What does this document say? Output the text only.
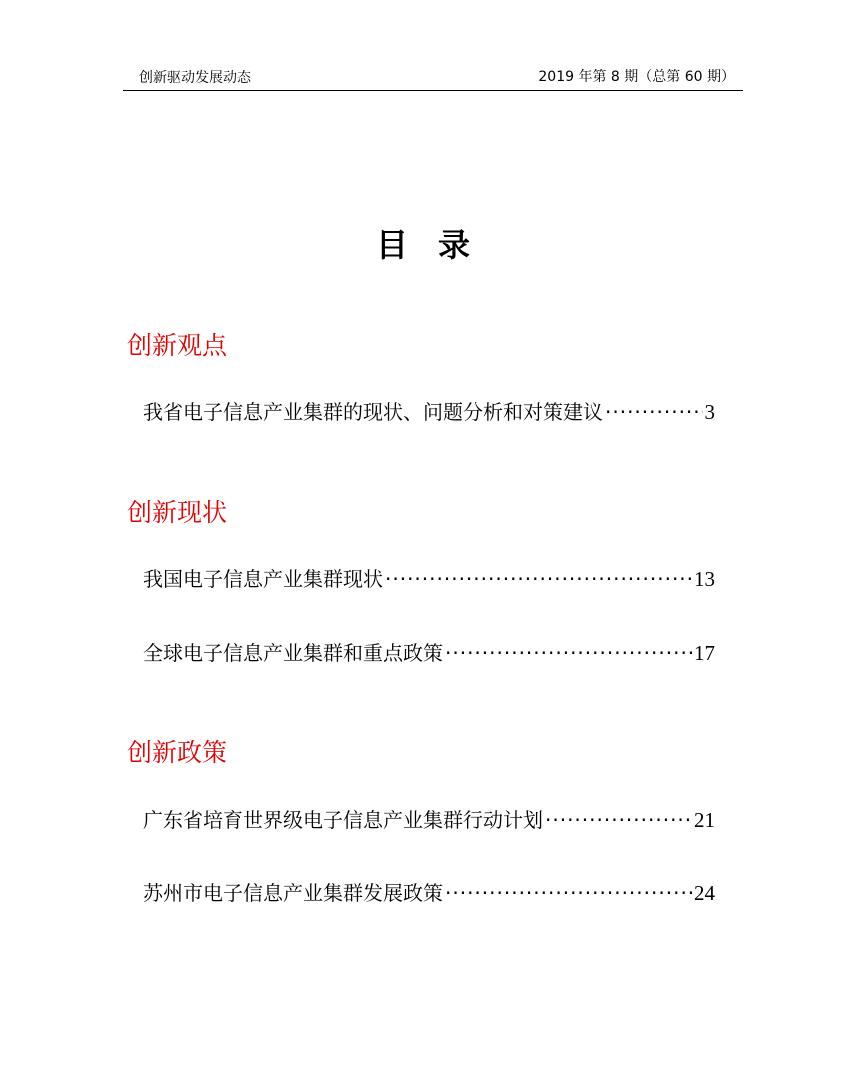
创新驱动发展动态	2019 年第 8 期（总第 60 期）
目录
创新观点
我省电子信息产业集群的现状、问题分析和对策建议 ·····	3
创新现状
我国电子信息产业集群现状 ·····	13
全球电子信息产业集群和重点政策 ·····	17
创新政策
广东省培育世界级电子信息产业集群行动计划 ·····	21
苏州市电子信息产业集群发展政策 ·····	24
